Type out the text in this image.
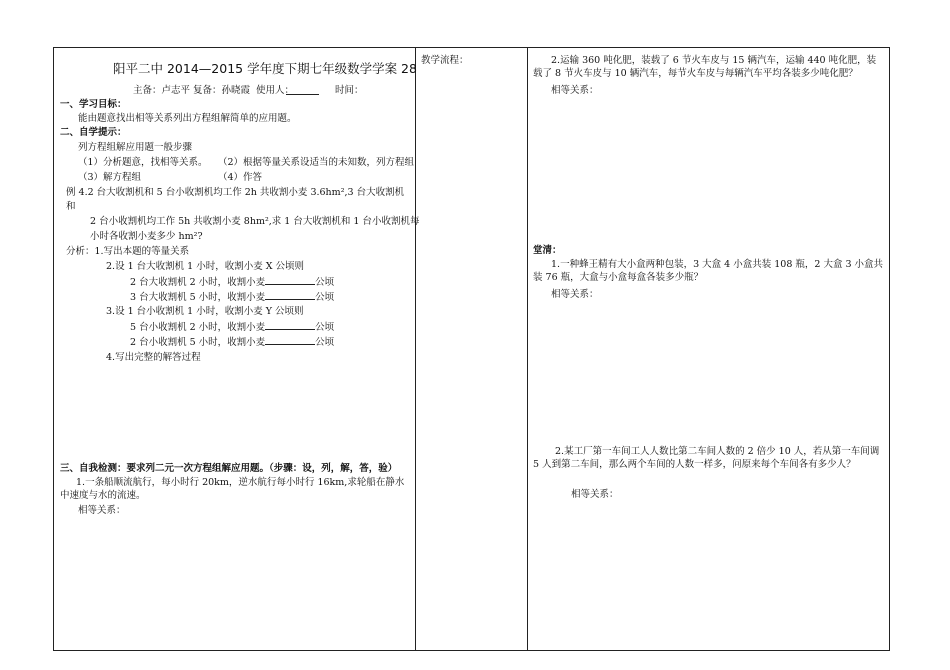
阳平二中 2014—2015 学年度下期七年级数学学案 28
主备：卢志平 复备：孙晓霞 使用人：	时间：
一、学习目标：
能由题意找出相等关系列出方程组解简单的应用题。
二、自学提示：
列方程组解应用题一般步骤
（1）分析题意，找相等关系。 （2）根据等量关系设适当的未知数，列方程组
（3）解方程组	（4）作答
例 4.2 台大收割机和 5 台小收割机均工作 2h 共收割小麦 3.6hm²,3 台大收割机
和
2 台小收割机均工作 5h 共收割小麦 8hm²,求 1 台大收割机和 1 台小收割机每
小时各收割小麦多少 hm²?
分析：1.写出本题的等量关系
2.设 1 台大收割机 1 小时，收割小麦 X 公顷则
2 台大收割机 2 小时，收割小麦	公顷
3 台大收割机 5 小时，收割小麦	公顷
3.设 1 台小收割机 1 小时，收割小麦 Y 公顷则
5 台小收割机 2 小时，收割小麦	公顷
2 台小收割机 5 小时，收割小麦	公顷
4.写出完整的解答过程
三、自我检测：要求列二元一次方程组解应用题。（步骤：设，列，解，答，验）
1.一条船顺流航行，每小时行 20km，逆水航行每小时行 16km,求轮船在静水中速度与水的流速。
相等关系：
教学流程：	2.运输 360 吨化肥，装载了 6 节火车皮与 15 辆汽车，运输 440 吨化肥，装载了 8 节火车皮与 10 辆汽车，每节火车皮与每辆汽车平均各装多少吨化肥？
相等关系：
堂清：
1.一种蜂王精有大小盒两种包装，3 大盒 4 小盒共装 108 瓶，2 大盒 3 小盒共装 76 瓶，大盒与小盒每盒各装多少瓶？
相等关系：
2.某工厂第一车间工人人数比第二车间人数的 2 倍少 10 人，若从第一车间调 5 人到第二车间，那么两个车间的人数一样多，问原来每个车间各有多少人？
相等关系：
